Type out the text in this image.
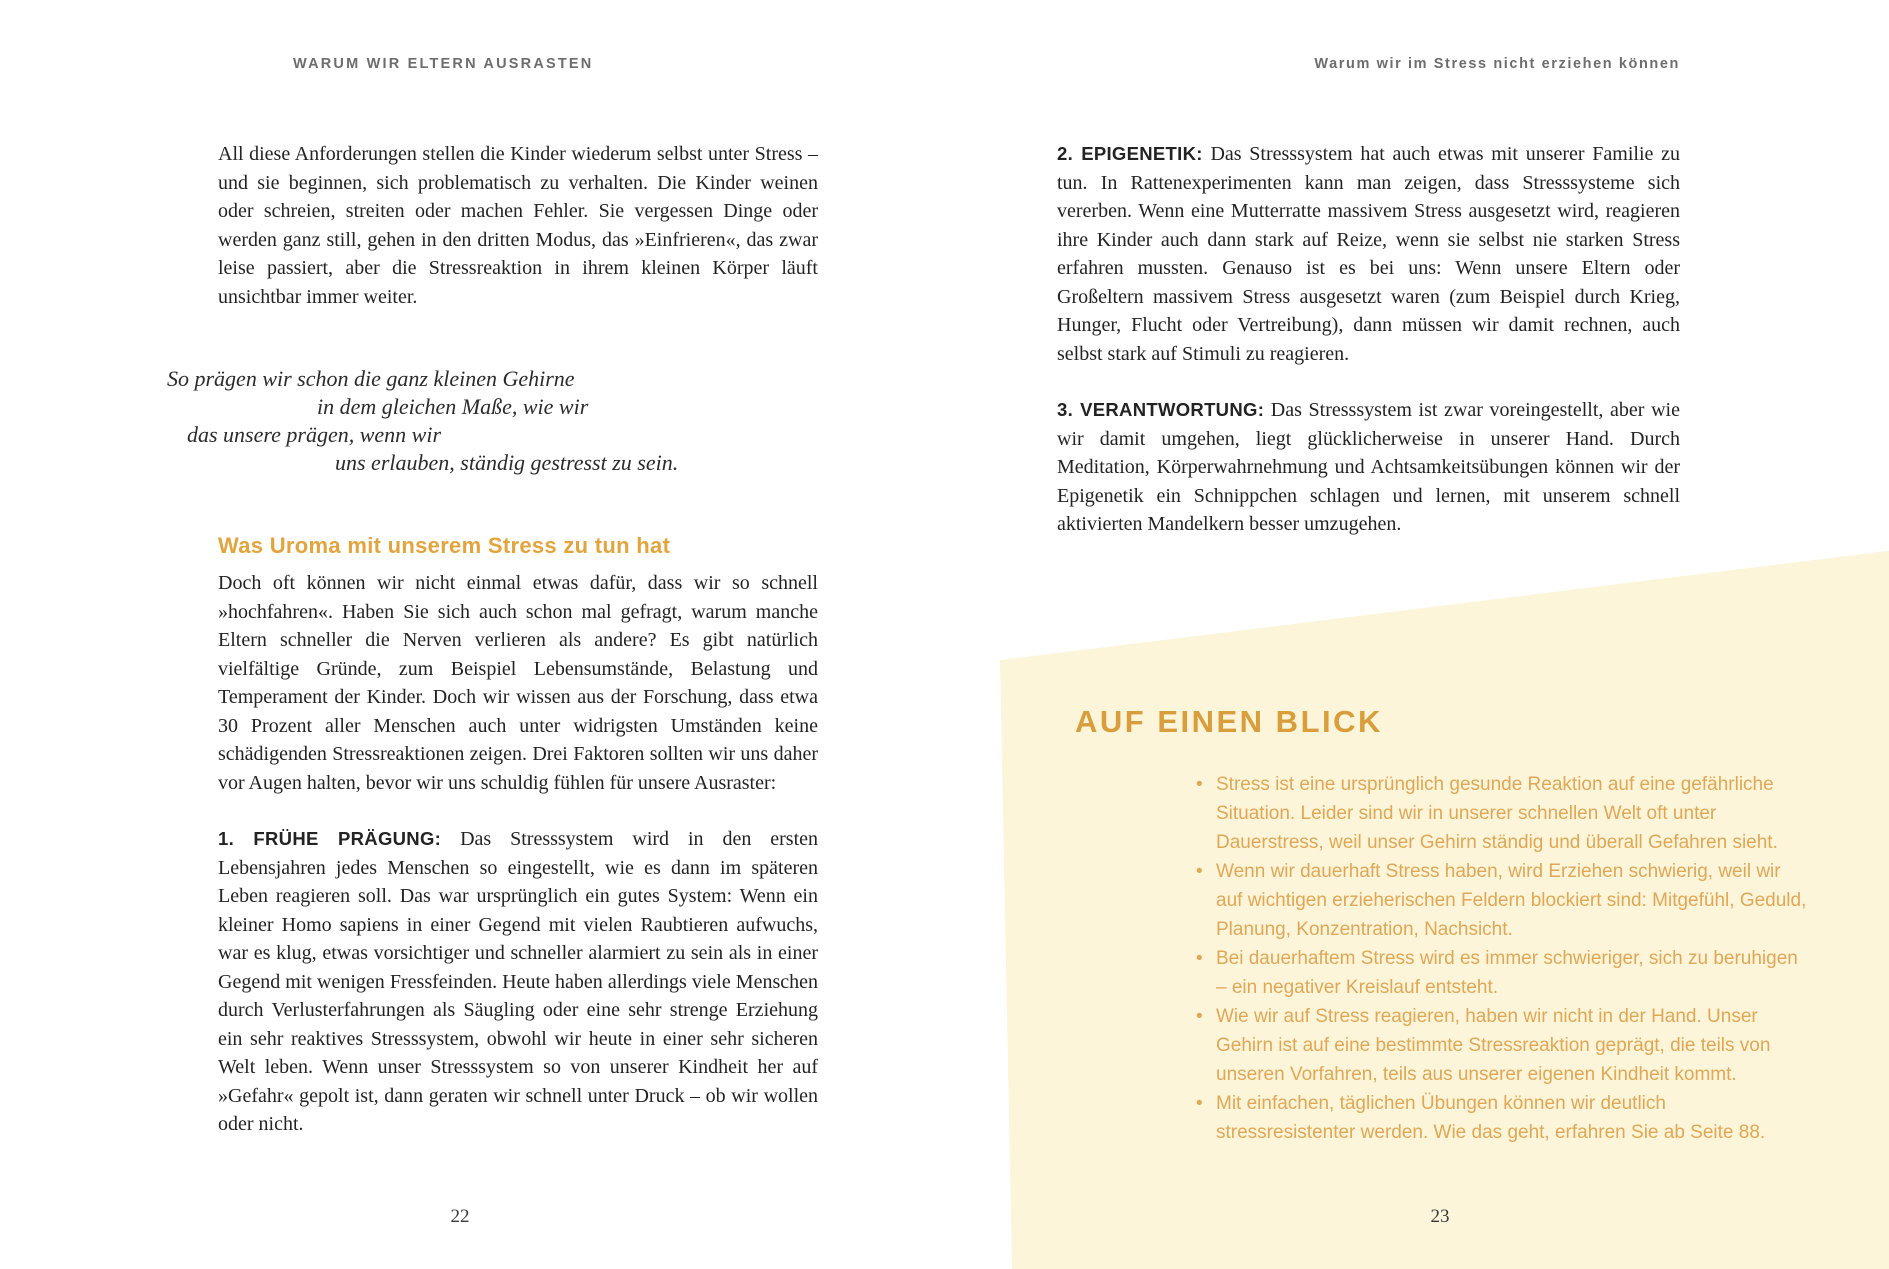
WARUM WIR ELTERN AUSRASTEN	Warum wir im Stress nicht erziehen können

All diese Anforderungen stellen die Kinder wiederum selbst unter Stress – und sie beginnen, sich problematisch zu verhalten. Die Kinder weinen oder schreien, streiten oder machen Fehler. Sie vergessen Dinge oder werden ganz still, gehen in den dritten Modus, das »Einfrieren«, das zwar leise passiert, aber die Stressreaktion in ihrem kleinen Körper läuft unsichtbar immer weiter.

So prägen wir schon die ganz kleinen Gehirne
in dem gleichen Maße, wie wir
das unsere prägen, wenn wir
uns erlauben, ständig gestresst zu sein.
Was Uroma mit unserem Stress zu tun hat

Doch oft können wir nicht einmal etwas dafür, dass wir so schnell »hochfahren«. Haben Sie sich auch schon mal gefragt, warum manche Eltern schneller die Nerven verlieren als andere? Es gibt natürlich vielfältige Gründe, zum Beispiel Lebensumstände, Belastung und Temperament der Kinder. Doch wir wissen aus der Forschung, dass etwa 30 Prozent aller Menschen auch unter widrigsten Umständen keine schädigenden Stressreaktionen zeigen. Drei Faktoren sollten wir uns daher vor Augen halten, bevor wir uns schuldig fühlen für unsere Ausraster:

1. FRÜHE PRÄGUNG: Das Stresssystem wird in den ersten Lebensjahren jedes Menschen so eingestellt, wie es dann im späteren Leben reagieren soll. Das war ursprünglich ein gutes System: Wenn ein kleiner Homo sapiens in einer Gegend mit vielen Raubtieren aufwuchs, war es klug, etwas vorsichtiger und schneller alarmiert zu sein als in einer Gegend mit wenigen Fressfeinden. Heute haben allerdings viele Menschen durch Verlusterfahrungen als Säugling oder eine sehr strenge Erziehung ein sehr reaktives Stresssystem, obwohl wir heute in einer sehr sicheren Welt leben. Wenn unser Stresssystem so von unserer Kindheit her auf »Gefahr« gepolt ist, dann geraten wir schnell unter Druck – ob wir wollen oder nicht.

2. EPIGENETIK: Das Stresssystem hat auch etwas mit unserer Familie zu tun. In Rattenexperimenten kann man zeigen, dass Stresssysteme sich vererben. Wenn eine Mutterratte massivem Stress ausgesetzt wird, reagieren ihre Kinder auch dann stark auf Reize, wenn sie selbst nie starken Stress erfahren mussten. Genauso ist es bei uns: Wenn unsere Eltern oder Großeltern massivem Stress ausgesetzt waren (zum Beispiel durch Krieg, Hunger, Flucht oder Vertreibung), dann müssen wir damit rechnen, auch selbst stark auf Stimuli zu reagieren.

3. VERANTWORTUNG: Das Stresssystem ist zwar voreingestellt, aber wie wir damit umgehen, liegt glücklicherweise in unserer Hand. Durch Meditation, Körperwahrnehmung und Achtsamkeitsübungen können wir der Epigenetik ein Schnippchen schlagen und lernen, mit unserem schnell aktivierten Mandelkern besser umzugehen.

AUF EINEN BLICK
• Stress ist eine ursprünglich gesunde Reaktion auf eine gefährliche Situation. Leider sind wir in unserer schnellen Welt oft unter Dauerstress, weil unser Gehirn ständig und überall Gefahren sieht.
• Wenn wir dauerhaft Stress haben, wird Erziehen schwierig, weil wir auf wichtigen erzieherischen Feldern blockiert sind: Mitgefühl, Geduld, Planung, Konzentration, Nachsicht.
• Bei dauerhaftem Stress wird es immer schwieriger, sich zu beruhigen – ein negativer Kreislauf entsteht.
• Wie wir auf Stress reagieren, haben wir nicht in der Hand. Unser Gehirn ist auf eine bestimmte Stressreaktion geprägt, die teils von unseren Vorfahren, teils aus unserer eigenen Kindheit kommt.
• Mit einfachen, täglichen Übungen können wir deutlich stressresistenter werden. Wie das geht, erfahren Sie ab Seite 88.
22	23
